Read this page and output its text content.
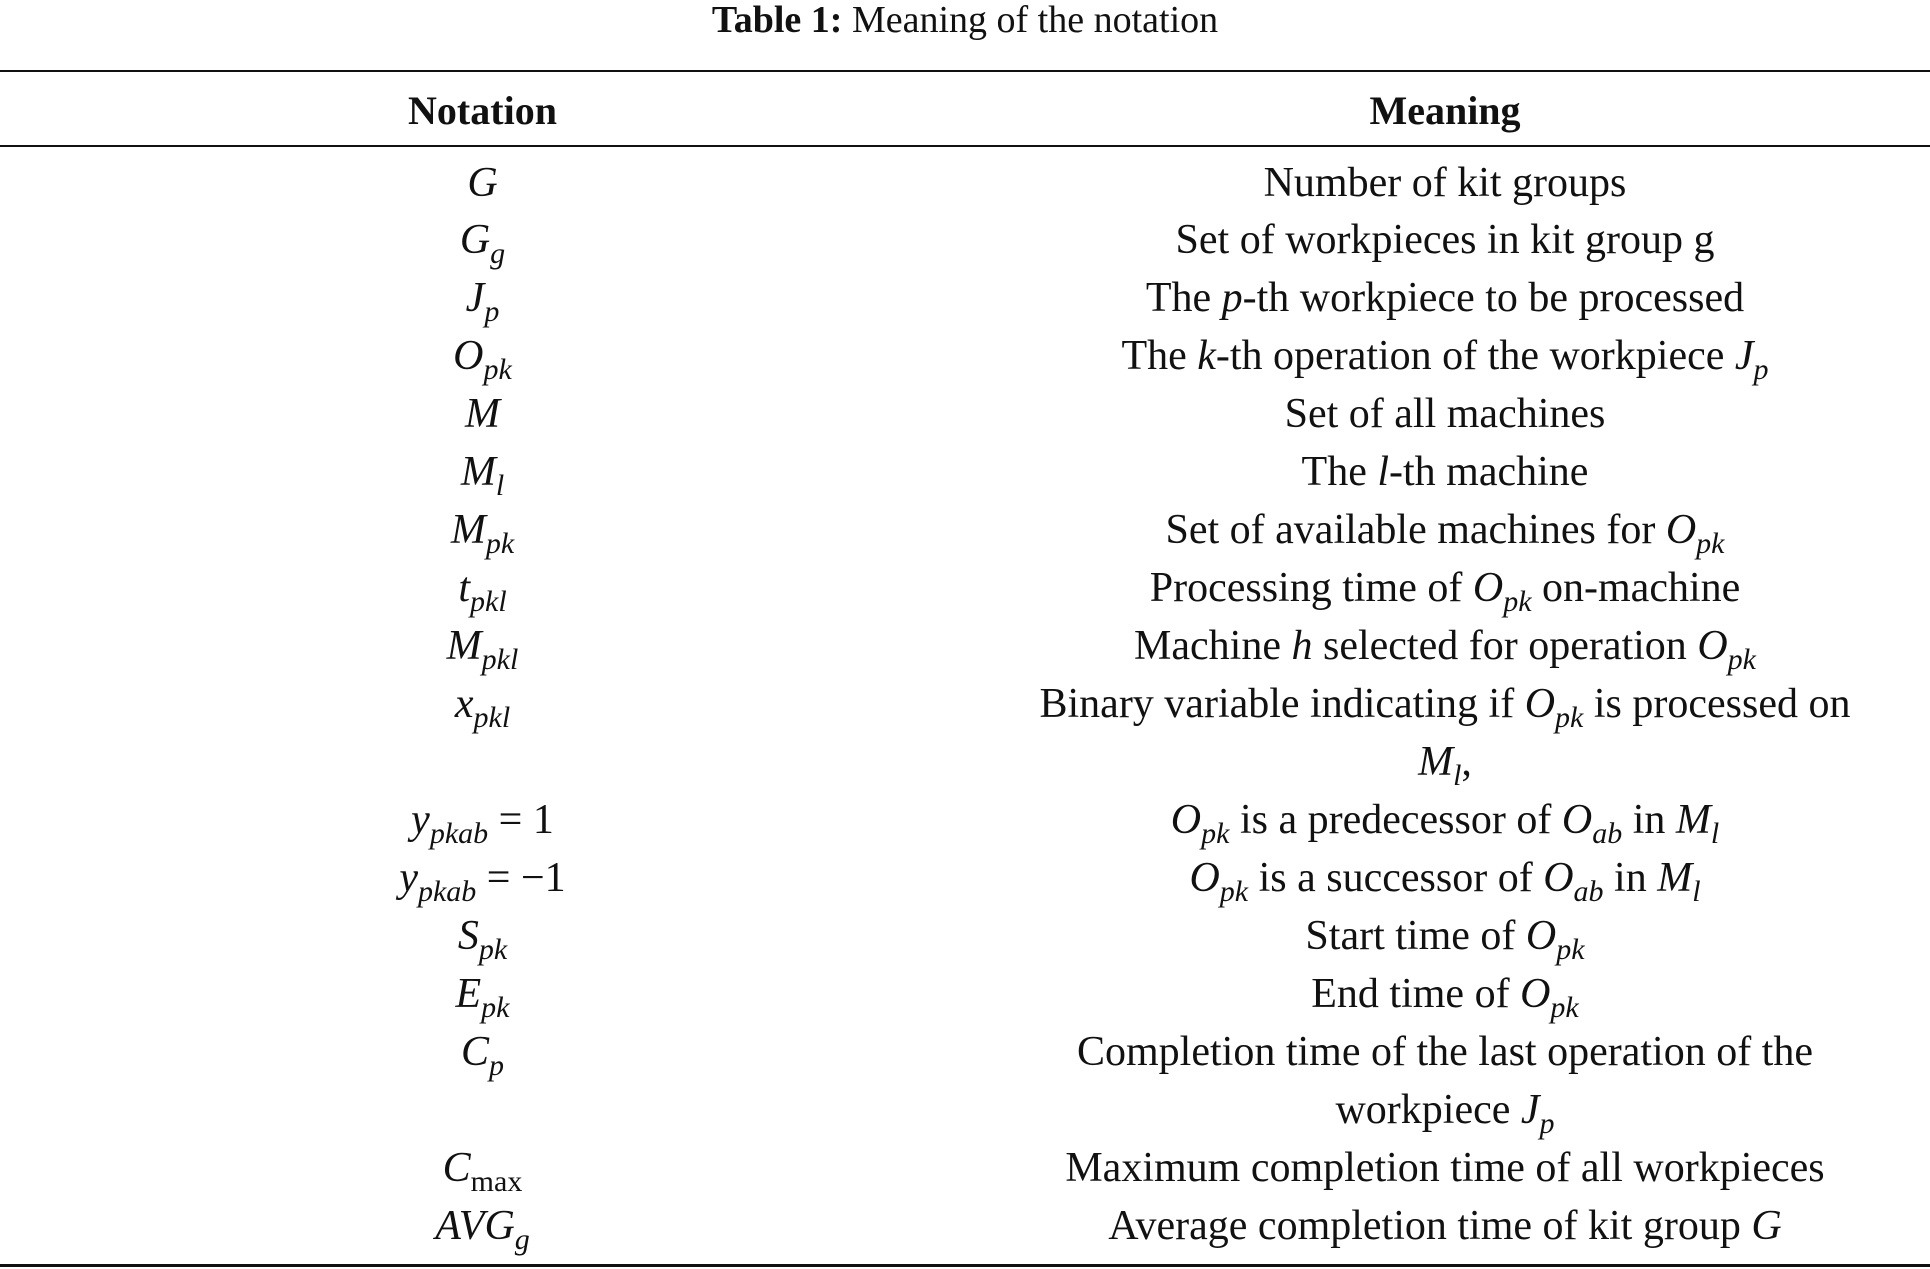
Table 1: Meaning of the notation
Notation	Meaning
G	Number of kit groups
$G_g$	Set of workpieces in kit group g
$J_p$	The p-th workpiece to be processed
$O_{pk}$	The k-th operation of the workpiece $J_p$
M	Set of all machines
$M_l$	The l-th machine
$M_{pk}$	Set of available machines for $O_{pk}$
$t_{pkl}$	Processing time of $O_{pk}$ on-machine
$M_{pkl}$	Machine h selected for operation $O_{pk}$
$x_{pkl}$	Binary variable indicating if $O_{pk}$ is processed on
$M_l$,
$y_{pkab} = 1$	$O_{pk}$ is a predecessor of $O_{ab}$ in $M_l$
$y_{pkab} = -1$	$O_{pk}$ is a successor of $O_{ab}$ in $M_l$
$S_{pk}$	Start time of $O_{pk}$
$E_{pk}$	End time of $O_{pk}$
$C_p$	Completion time of the last operation of the
workpiece $J_p$
$C_{max}$	Maximum completion time of all workpieces
$AVG_g$	Average completion time of kit group G
